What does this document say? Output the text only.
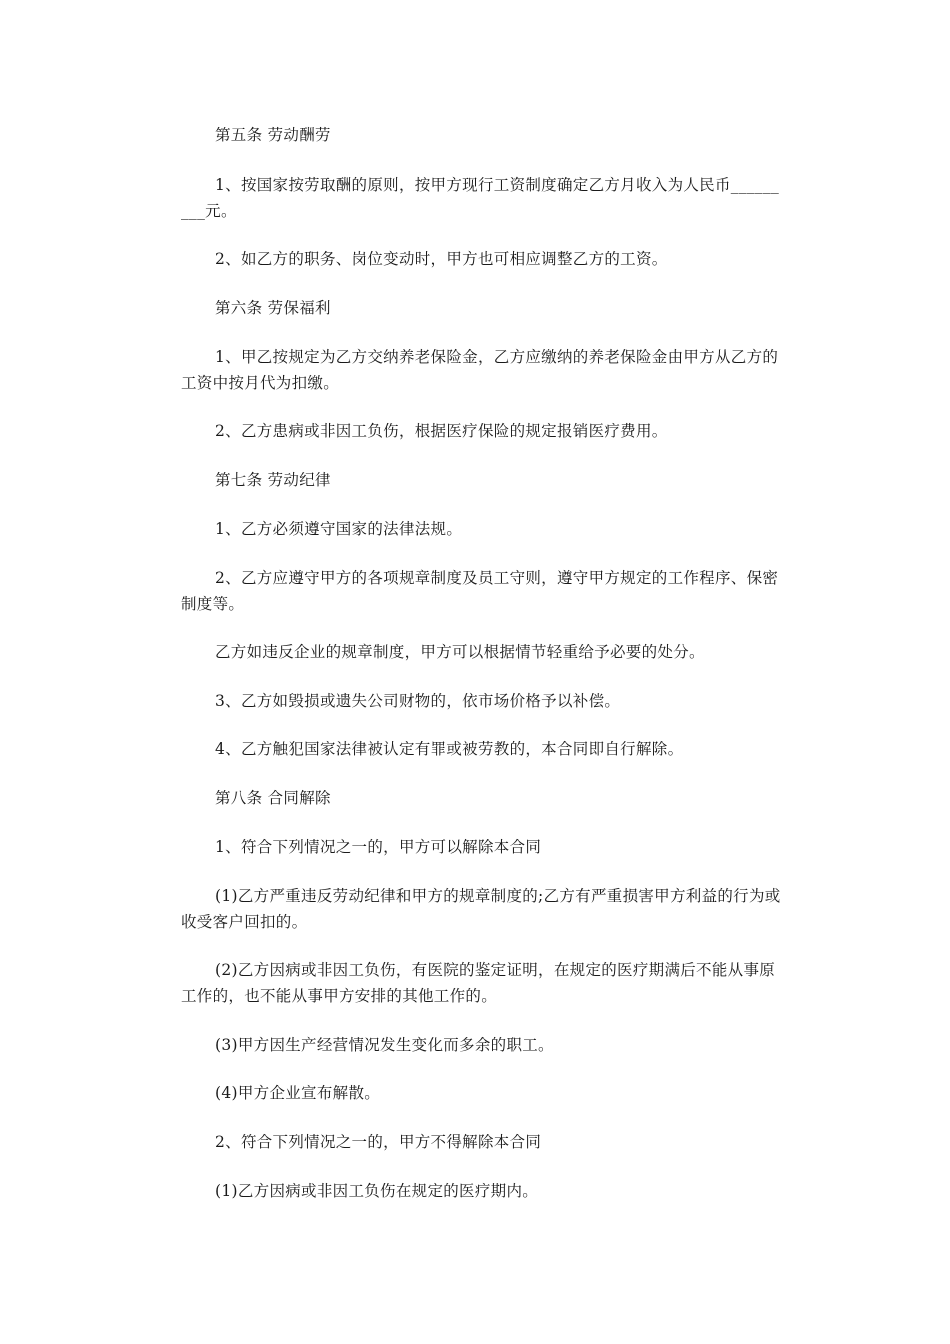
第五条 劳动酬劳

1、按国家按劳取酬的原则，按甲方现行工资制度确定乙方月收入为人民币_________元。

2、如乙方的职务、岗位变动时，甲方也可相应调整乙方的工资。

第六条 劳保福利

1、甲乙按规定为乙方交纳养老保险金，乙方应缴纳的养老保险金由甲方从乙方的工资中按月代为扣缴。

2、乙方患病或非因工负伤，根据医疗保险的规定报销医疗费用。

第七条 劳动纪律

1、乙方必须遵守国家的法律法规。

2、乙方应遵守甲方的各项规章制度及员工守则，遵守甲方规定的工作程序、保密制度等。

乙方如违反企业的规章制度，甲方可以根据情节轻重给予必要的处分。

3、乙方如毁损或遗失公司财物的，依市场价格予以补偿。

4、乙方触犯国家法律被认定有罪或被劳教的，本合同即自行解除。

第八条 合同解除

1、符合下列情况之一的，甲方可以解除本合同

(1)乙方严重违反劳动纪律和甲方的规章制度的;乙方有严重损害甲方利益的行为或收受客户回扣的。

(2)乙方因病或非因工负伤，有医院的鉴定证明，在规定的医疗期满后不能从事原工作的，也不能从事甲方安排的其他工作的。

(3)甲方因生产经营情况发生变化而多余的职工。

(4)甲方企业宣布解散。

2、符合下列情况之一的，甲方不得解除本合同

(1)乙方因病或非因工负伤在规定的医疗期内。
